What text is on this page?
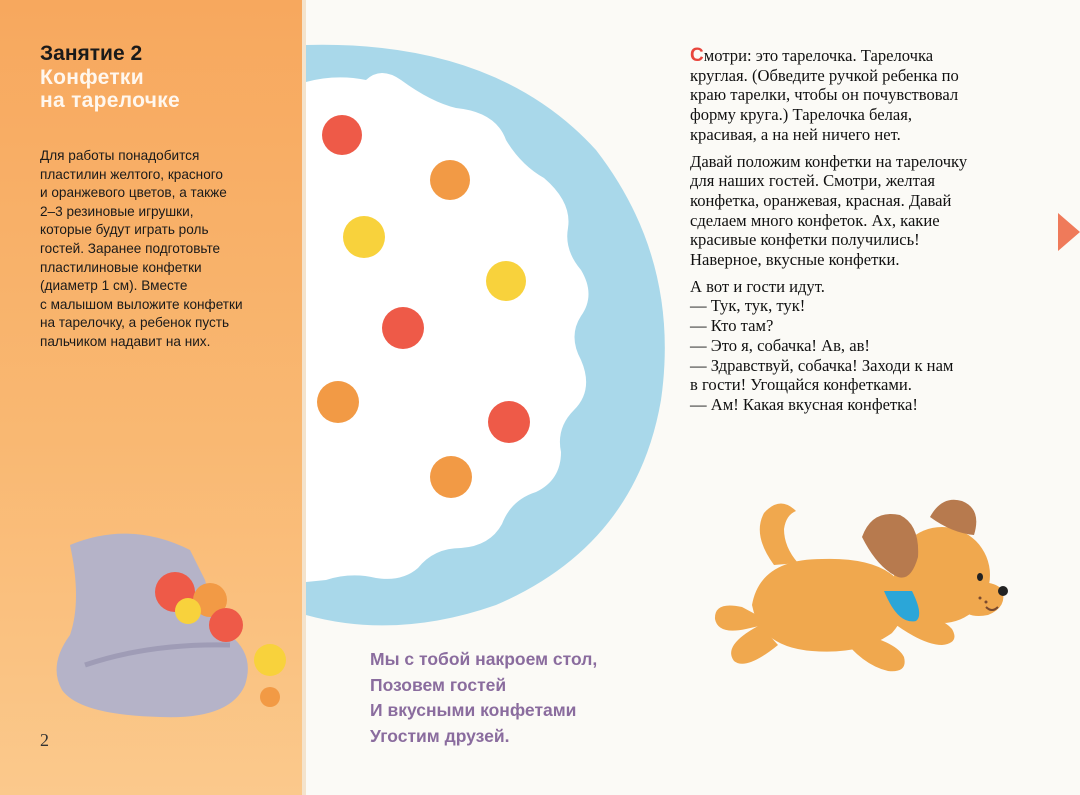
Занятие 2
Конфетки
на тарелочке
Для работы понадобится
пластилин желтого, красного
и оранжевого цветов, а также
2–3 резиновые игрушки,
которые будут играть роль
гостей. Заранее подготовьте
пластилиновые конфетки
(диаметр 1 см). Вместе
с малышом выложите конфетки
на тарелочку, а ребенок пусть
пальчиком надавит на них.
2

Смотри: это тарелочка. Тарелочка
круглая. (Обведите ручкой ребенка по
краю тарелки, чтобы он почувствовал
форму круга.) Тарелочка белая,
красивая, а на ней ничего нет.

Давай положим конфетки на тарелочку
для наших гостей. Смотри, желтая
конфетка, оранжевая, красная. Давай
сделаем много конфеток. Ах, какие
красивые конфетки получились!
Наверное, вкусные конфетки.

А вот и гости идут.
— Тук, тук, тук!
— Кто там?
— Это я, собачка! Ав, ав!
— Здравствуй, собачка! Заходи к нам
в гости! Угощайся конфетками.
— Ам! Какая вкусная конфетка!

Мы с тобой накроем стол,
Позовем гостей
И вкусными конфетами
Угостим друзей.
